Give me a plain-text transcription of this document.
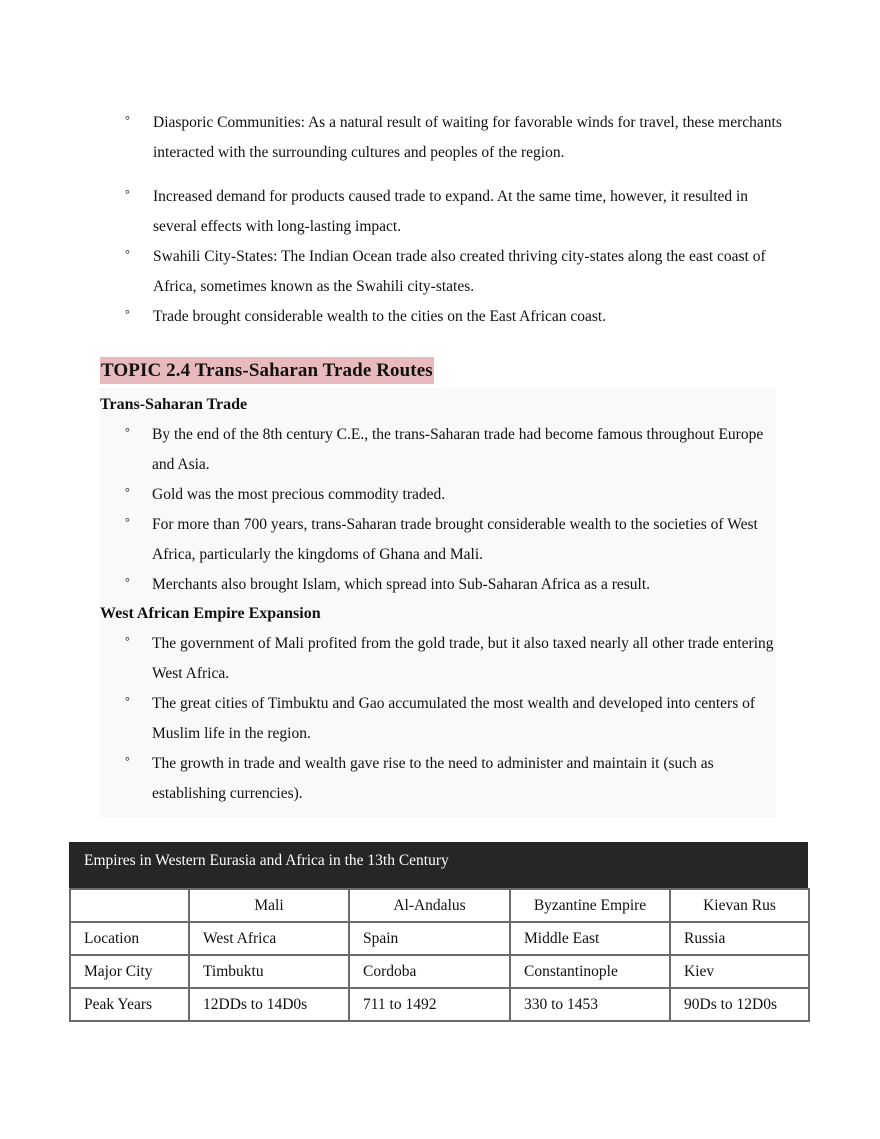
° Diasporic Communities: As a natural result of waiting for favorable winds for travel, these merchants interacted with the surrounding cultures and peoples of the region.
° Increased demand for products caused trade to expand. At the same time, however, it resulted in several effects with long-lasting impact.
° Swahili City-States: The Indian Ocean trade also created thriving city-states along the east coast of Africa, sometimes known as the Swahili city-states.
° Trade brought considerable wealth to the cities on the East African coast.
TOPIC 2.4 Trans-Saharan Trade Routes
Trans-Saharan Trade
° By the end of the 8th century C.E., the trans-Saharan trade had become famous throughout Europe and Asia.
° Gold was the most precious commodity traded.
° For more than 700 years, trans-Saharan trade brought considerable wealth to the societies of West Africa, particularly the kingdoms of Ghana and Mali.
° Merchants also brought Islam, which spread into Sub-Saharan Africa as a result.
West African Empire Expansion
° The government of Mali profited from the gold trade, but it also taxed nearly all other trade entering West Africa.
° The great cities of Timbuktu and Gao accumulated the most wealth and developed into centers of Muslim life in the region.
° The growth in trade and wealth gave rise to the need to administer and maintain it (such as establishing currencies).
Empires in Western Eurasia and Africa in the 13th Century
	Mali	Al-Andalus	Byzantine Empire	Kievan Rus
Location	West Africa	Spain	Middle East	Russia
Major City	Timbuktu	Cordoba	Constantinople	Kiev
Peak Years	12DDs to 14D0s	711 to 1492	330 to 1453	90Ds to 12D0s
